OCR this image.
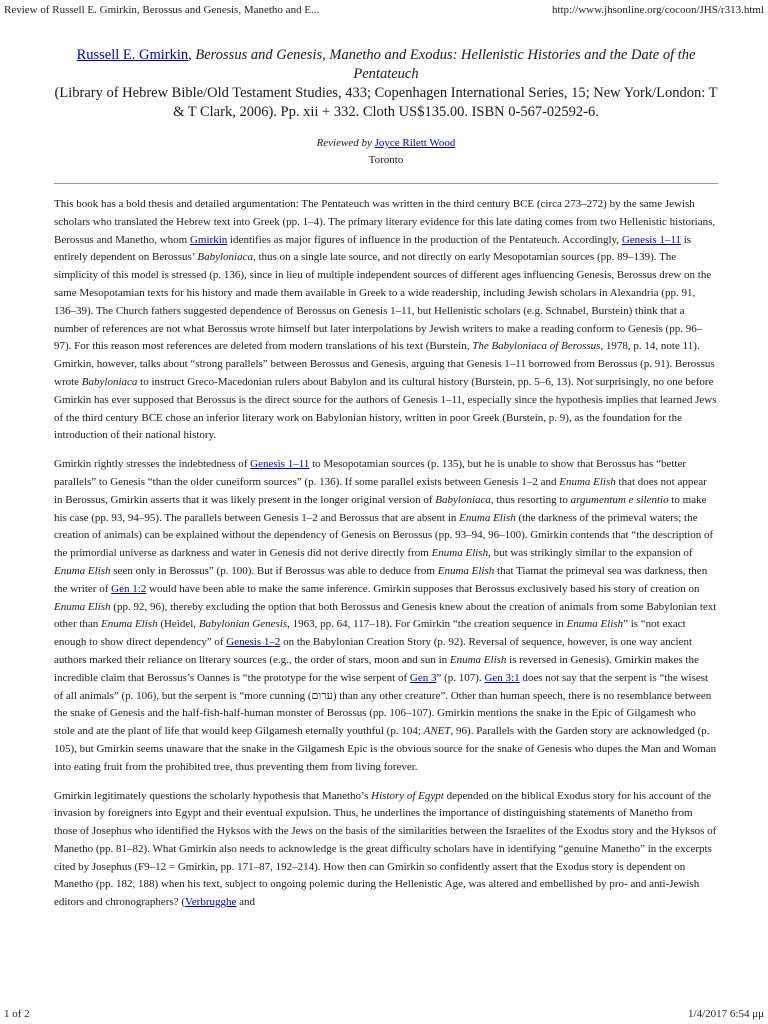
Review of Russell E. Gmirkin, Berossus and Genesis, Manetho and E...	http://www.jhsonline.org/cocoon/JHS/r313.html
Russell E. Gmirkin, Berossus and Genesis, Manetho and Exodus: Hellenistic Histories and the Date of the Pentateuch
(Library of Hebrew Bible/Old Testament Studies, 433; Copenhagen International Series, 15; New York/London: T & T Clark, 2006). Pp. xii + 332. Cloth US$135.00. ISBN 0-567-02592-6.
Reviewed by Joyce Rilett Wood
Toronto

This book has a bold thesis and detailed argumentation: The Pentateuch was written in the third century BCE (circa 273–272) by the same Jewish scholars who translated the Hebrew text into Greek (pp. 1–4). The primary literary evidence for this late dating comes from two Hellenistic historians, Berossus and Manetho, whom Gmirkin identifies as major figures of influence in the production of the Pentateuch. Accordingly, Genesis 1–11 is entirely dependent on Berossus’ Babyloniaca, thus on a single late source, and not directly on early Mesopotamian sources (pp. 89–139). The simplicity of this model is stressed (p. 136), since in lieu of multiple independent sources of different ages influencing Genesis, Berossus drew on the same Mesopotamian texts for his history and made them available in Greek to a wide readership, including Jewish scholars in Alexandria (pp. 91, 136–39). The Church fathers suggested dependence of Berossus on Genesis 1–11, but Hellenistic scholars (e.g. Schnabel, Burstein) think that a number of references are not what Berossus wrote himself but later interpolations by Jewish writers to make a reading conform to Genesis (pp. 96–97). For this reason most references are deleted from modern translations of his text (Burstein, The Babyloniaca of Berossus, 1978, p. 14, note 11). Gmirkin, however, talks about “strong parallels” between Berossus and Genesis, arguing that Genesis 1–11 borrowed from Berossus (p. 91). Berossus wrote Babyloniaca to instruct Greco-Macedonian rulers about Babylon and its cultural history (Burstein, pp. 5–6, 13). Not surprisingly, no one before Gmirkin has ever supposed that Berossus is the direct source for the authors of Genesis 1–11, especially since the hypothesis implies that learned Jews of the third century BCE chose an inferior literary work on Babylonian history, written in poor Greek (Burstein, p. 9), as the foundation for the introduction of their national history.

Gmirkin rightly stresses the indebtedness of Genesis 1–11 to Mesopotamian sources (p. 135), but he is unable to show that Berossus has “better parallels” to Genesis “than the older cuneiform sources” (p. 136). If some parallel exists between Genesis 1–2 and Enuma Elish that does not appear in Berossus, Gmirkin asserts that it was likely present in the longer original version of Babyloniaca, thus resorting to argumentum e silentio to make his case (pp. 93, 94–95). The parallels between Genesis 1–2 and Berossus that are absent in Enuma Elish (the darkness of the primeval waters; the creation of animals) can be explained without the dependency of Genesis on Berossus (pp. 93–94, 96–100). Gmirkin contends that “the description of the primordial universe as darkness and water in Genesis did not derive directly from Enuma Elish, but was strikingly similar to the expansion of Enuma Elish seen only in Berossus” (p. 100). But if Berossus was able to deduce from Enuma Elish that Tiamat the primeval sea was darkness, then the writer of Gen 1:2 would have been able to make the same inference. Gmirkin supposes that Berossus exclusively based his story of creation on Enuma Elish (pp. 92, 96), thereby excluding the option that both Berossus and Genesis knew about the creation of animals from some Babylonian text other than Enuma Elish (Heidel, Babylonian Genesis, 1963, pp. 64, 117–18). For Gmirkin “the creation sequence in Enuma Elish” is “not exact enough to show direct dependency” of Genesis 1–2 on the Babylonian Creation Story (p. 92). Reversal of sequence, however, is one way ancient authors marked their reliance on literary sources (e.g., the order of stars, moon and sun in Enuma Elish is reversed in Genesis). Gmirkin makes the incredible claim that Berossus’s Oannes is “the prototype for the wise serpent of Gen 3” (p. 107). Gen 3:1 does not say that the serpent is “the wisest of all animals” (p. 106), but the serpent is “more cunning (ערום) than any other creature”. Other than human speech, there is no resemblance between the snake of Genesis and the half-fish-half-human monster of Berossus (pp. 106–107). Gmirkin mentions the snake in the Epic of Gilgamesh who stole and ate the plant of life that would keep Gilgamesh eternally youthful (p. 104; ANET, 96). Parallels with the Garden story are acknowledged (p. 105), but Gmirkin seems unaware that the snake in the Gilgamesh Epic is the obvious source for the snake of Genesis who dupes the Man and Woman into eating fruit from the prohibited tree, thus preventing them from living forever.

Gmirkin legitimately questions the scholarly hypothesis that Manetho’s History of Egypt depended on the biblical Exodus story for his account of the invasion by foreigners into Egypt and their eventual expulsion. Thus, he underlines the importance of distinguishing statements of Manetho from those of Josephus who identified the Hyksos with the Jews on the basis of the similarities between the Israelites of the Exodus story and the Hyksos of Manetho (pp. 81–82). What Gmirkin also needs to acknowledge is the great difficulty scholars have in identifying “genuine Manetho” in the excerpts cited by Josephus (F9–12 = Gmirkin, pp. 171–87, 192–214). How then can Gmirkin so confidently assert that the Exodus story is dependent on Manetho (pp. 182, 188) when his text, subject to ongoing polemic during the Hellenistic Age, was altered and embellished by pro- and anti-Jewish editors and chronographers? (Verbrugghe and

1 of 2	1/4/2017 6:54 μμ
